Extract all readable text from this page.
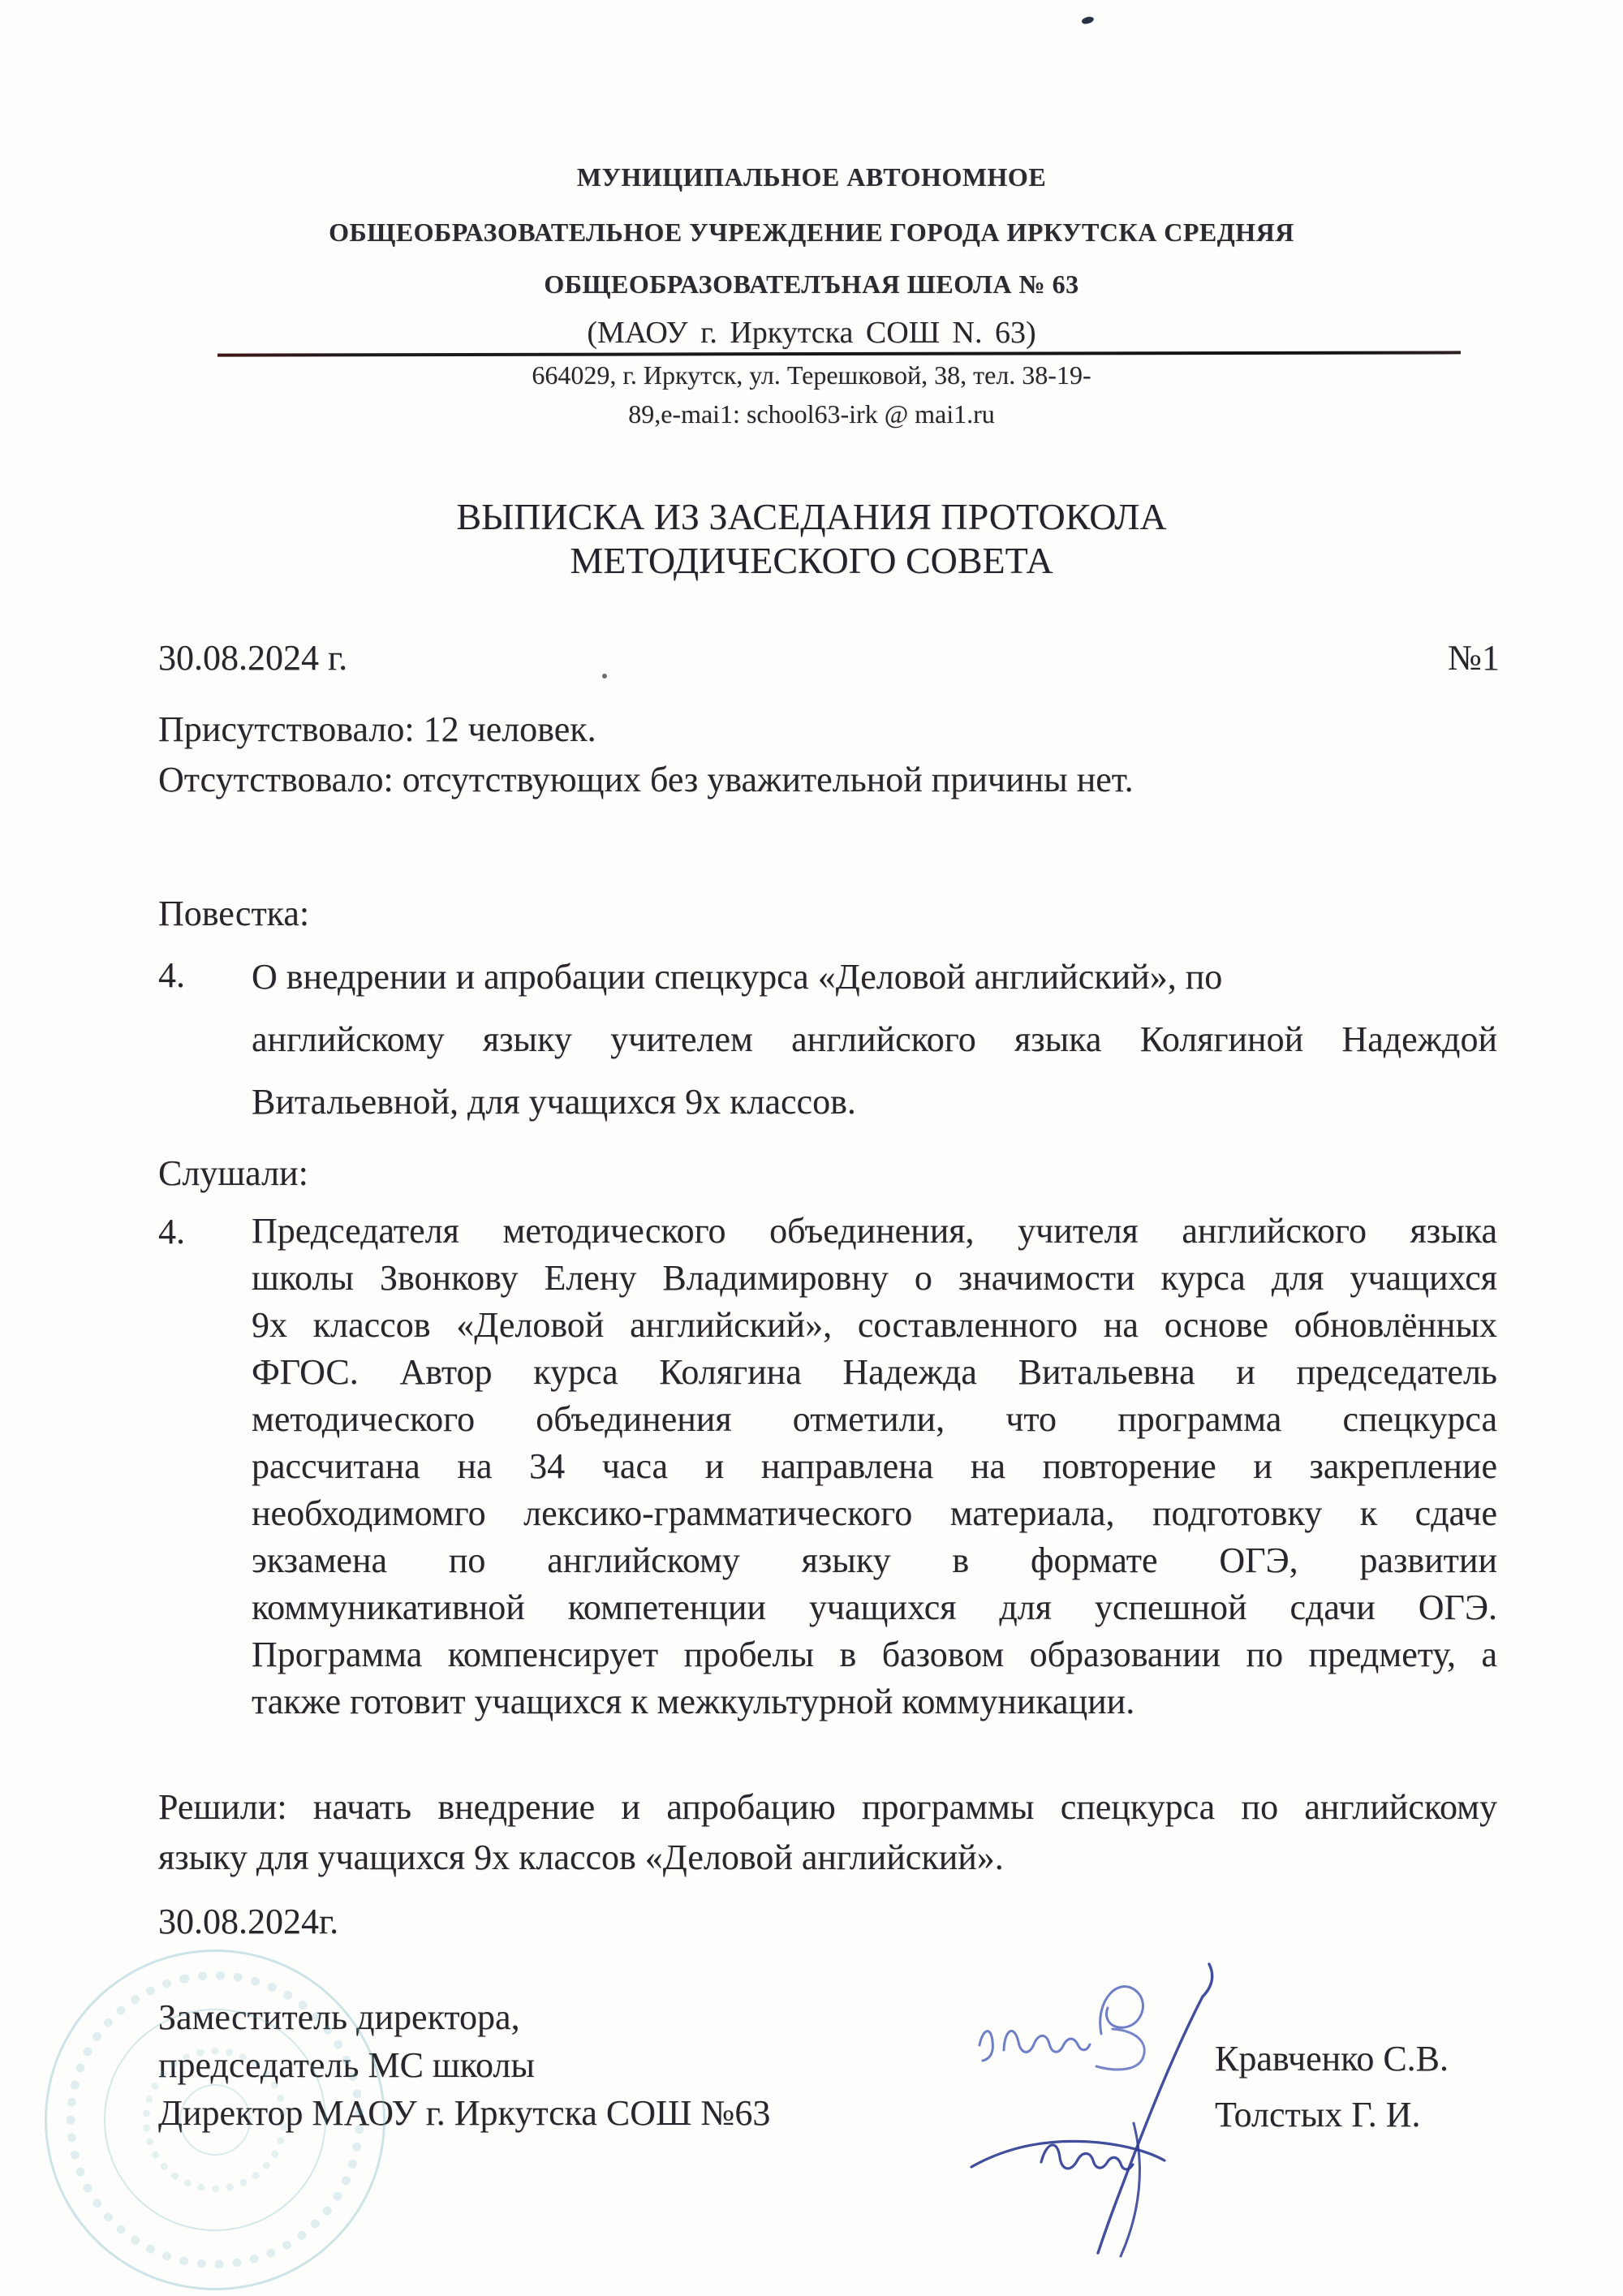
МУНИЦИПАЛЬНОЕ АВТОНОМНОЕ
ОБЩЕОБРАЗОВАТЕЛЬНОЕ УЧРЕЖДЕНИЕ ГОРОДА ИРКУТСКА СРЕДНЯЯ
ОБЩЕОБРАЗОВАТЕЛЪНАЯ ШЕОЛА № 63
(МАОУ г. Иркутска СОШ N. 63)
664029, г. Иркутск, ул. Терешковой, 38, тел. 38-19-
89,e-mai1: school63-irk @ mai1.ru
ВЫПИСКА ИЗ ЗАСЕДАНИЯ ПРОТОКОЛА
МЕТОДИЧЕСКОГО СОВЕТА
30.08.2024 г.	№1
Присутствовало: 12 человек.
Отсутствовало: отсутствующих без уважительной причины нет.
Повестка:
4. О внедрении и апробации спецкурса «Деловой английский», по
английскому языку учителем английского языка Колягиной Надеждой
Витальевной, для учащихся 9х классов.
Слушали:
4. Председателя методического объединения, учителя английского языка
школы Звонкову Елену Владимировну о значимости курса для учащихся
9х классов «Деловой английский», составленного на основе обновлённых
ФГОС. Автор курса Колягина Надежда Витальевна и председатель
методического объединения отметили, что программа спецкурса
рассчитана на 34 часа и направлена на повторение и закрепление
необходимомго лексико-грамматического материала, подготовку к сдаче
экзамена по английскому языку в формате ОГЭ, развитии
коммуникативной компетенции учащихся для успешной сдачи ОГЭ.
Программа компенсирует пробелы в базовом образовании по предмету, а
также готовит учащихся к межкультурной коммуникации.
Решили: начать внедрение и апробацию программы спецкурса по английскому
языку для учащихся 9х классов «Деловой английский».
30.08.2024г.
Заместитель директора,
председатель МС школы
Директор МАОУ г. Иркутска СОШ №63
Кравченко С.В.
Толстых Г. И.
